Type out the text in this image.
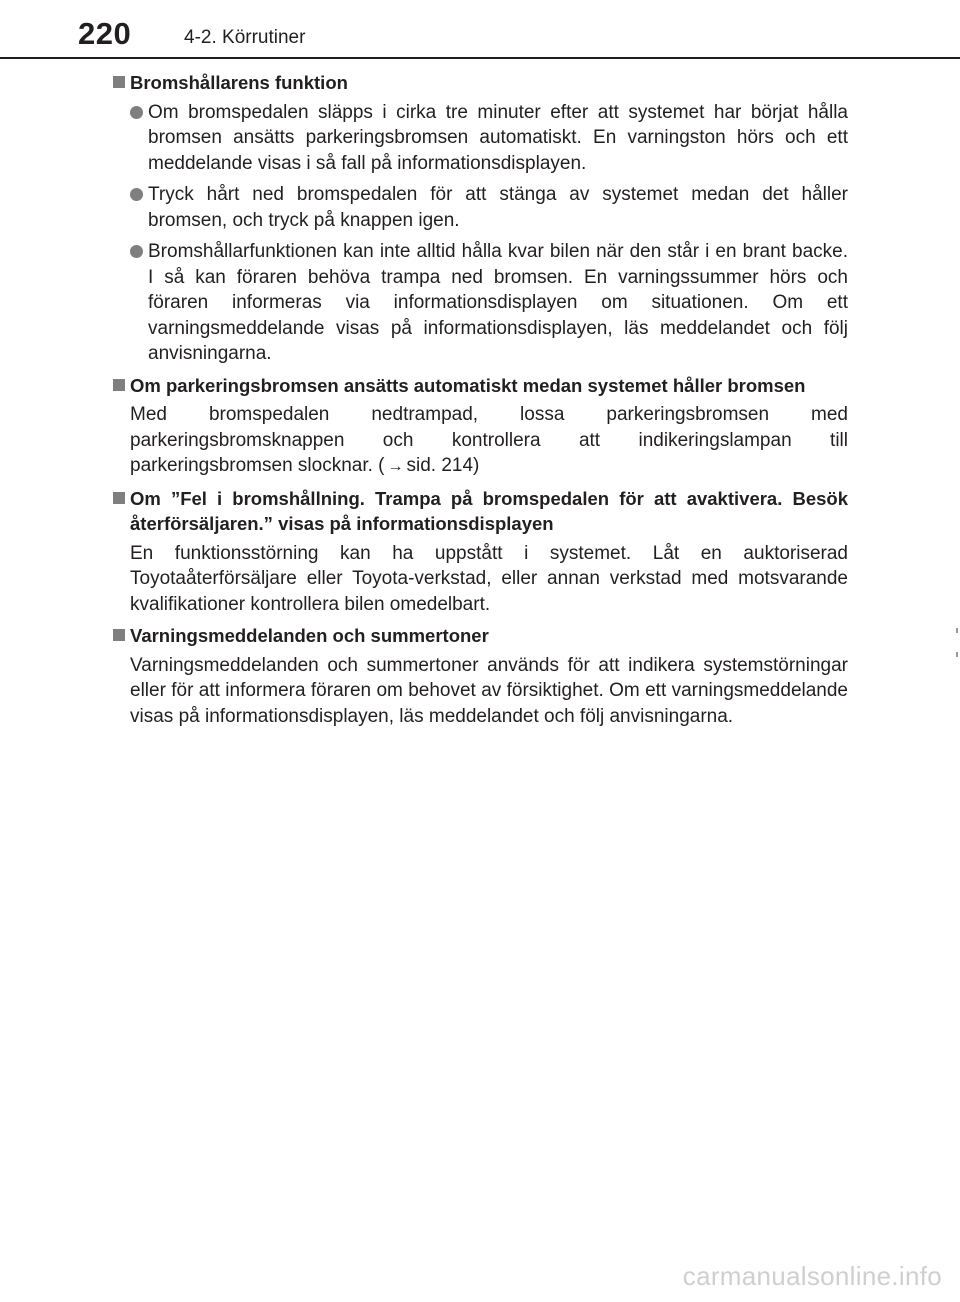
220	4-2. Körrutiner
Bromshållarens funktion
Om bromspedalen släpps i cirka tre minuter efter att systemet har börjat hålla bromsen ansätts parkeringsbromsen automatiskt. En varningston hörs och ett meddelande visas i så fall på informationsdisplayen.
Tryck hårt ned bromspedalen för att stänga av systemet medan det håller bromsen, och tryck på knappen igen.
Bromshållarfunktionen kan inte alltid hålla kvar bilen när den står i en brant backe. I så kan föraren behöva trampa ned bromsen. En varningssummer hörs och föraren informeras via informationsdisplayen om situationen. Om ett varningsmeddelande visas på informationsdisplayen, läs meddelandet och följ anvisningarna.
Om parkeringsbromsen ansätts automatiskt medan systemet håller bromsen
Med bromspedalen nedtrampad, lossa parkeringsbromsen med parkeringsbromsknappen och kontrollera att indikeringslampan till parkeringsbromsen slocknar. ( → sid. 214)
Om ”Fel i bromshållning. Trampa på bromspedalen för att avaktivera. Besök återförsäljaren.” visas på informationsdisplayen
En funktionsstörning kan ha uppstått i systemet. Låt en auktoriserad Toyotaåterförsäljare eller Toyota-verkstad, eller annan verkstad med motsvarande kvalifikationer kontrollera bilen omedelbart.
Varningsmeddelanden och summertoner
Varningsmeddelanden och summertoner används för att indikera systemstörningar eller för att informera föraren om behovet av försiktighet. Om ett varningsmeddelande visas på informationsdisplayen, läs meddelandet och följ anvisningarna.
carmanualsonline.info
